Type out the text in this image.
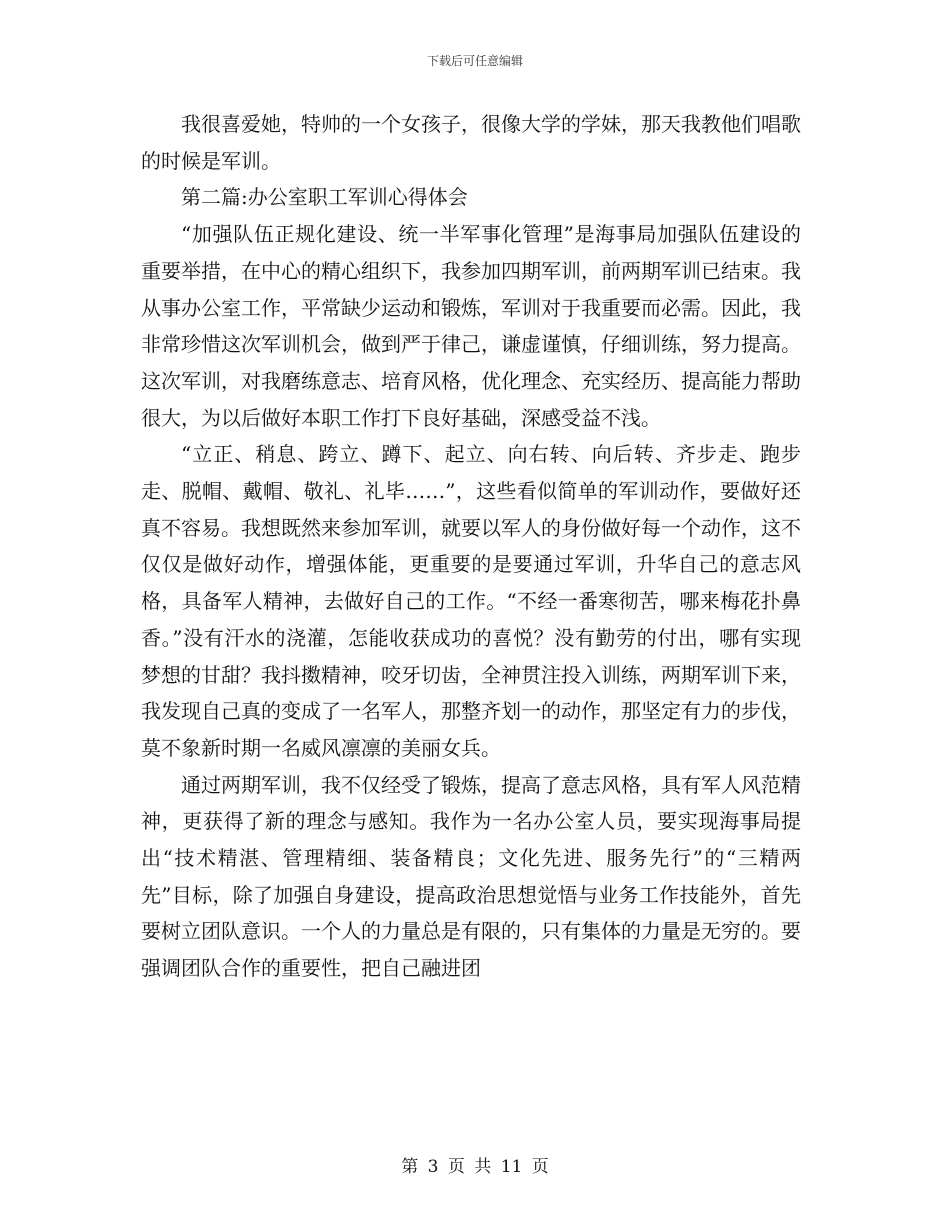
下载后可任意编辑

我很喜爱她，特帅的一个女孩子，很像大学的学妹，那天我教他们唱歌的时候是军训。

第二篇:办公室职工军训心得体会

“加强队伍正规化建设、统一半军事化管理”是海事局加强队伍建设的重要举措，在中心的精心组织下，我参加四期军训，前两期军训已结束。我从事办公室工作，平常缺少运动和锻炼，军训对于我重要而必需。因此，我非常珍惜这次军训机会，做到严于律己，谦虚谨慎，仔细训练，努力提高。这次军训，对我磨练意志、培育风格，优化理念、充实经历、提高能力帮助很大，为以后做好本职工作打下良好基础，深感受益不浅。

“立正、稍息、跨立、蹲下、起立、向右转、向后转、齐步走、跑步走、脱帽、戴帽、敬礼、礼毕……”，这些看似简单的军训动作，要做好还真不容易。我想既然来参加军训，就要以军人的身份做好每一个动作，这不仅仅是做好动作，增强体能，更重要的是要通过军训，升华自己的意志风格，具备军人精神，去做好自己的工作。“不经一番寒彻苦，哪来梅花扑鼻香。”没有汗水的浇灌，怎能收获成功的喜悦？没有勤劳的付出，哪有实现梦想的甘甜？我抖擞精神，咬牙切齿，全神贯注投入训练，两期军训下来，我发现自己真的变成了一名军人，那整齐划一的动作，那坚定有力的步伐，莫不象新时期一名威风凛凛的美丽女兵。

通过两期军训，我不仅经受了锻炼，提高了意志风格，具有军人风范精神，更获得了新的理念与感知。我作为一名办公室人员，要实现海事局提出“技术精湛、管理精细、装备精良；文化先进、服务先行”的“三精两先”目标，除了加强自身建设，提高政治思想觉悟与业务工作技能外，首先要树立团队意识。一个人的力量总是有限的，只有集体的力量是无穷的。要强调团队合作的重要性，把自己融进团

第 3 页 共 11 页
